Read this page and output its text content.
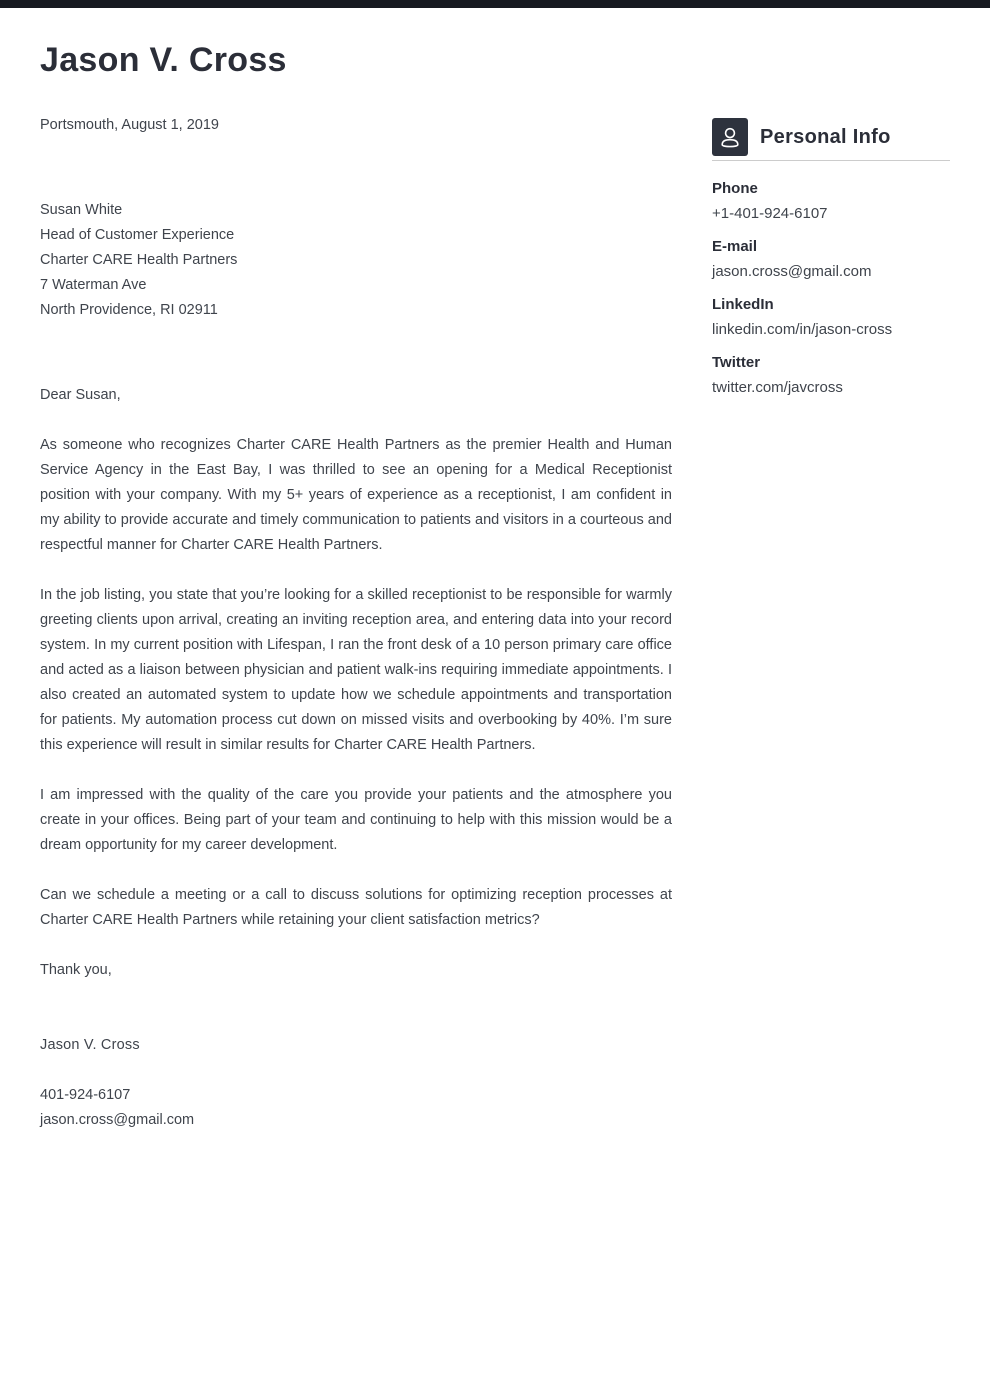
Jason V. Cross
Portsmouth, August 1, 2019
Susan White
Head of Customer Experience
Charter CARE Health Partners
7 Waterman Ave
North Providence, RI 02911
Dear Susan,

As someone who recognizes Charter CARE Health Partners as the premier Health and Human Service Agency in the East Bay, I was thrilled to see an opening for a Medical Receptionist position with your company. With my 5+ years of experience as a receptionist, I am confident in my ability to provide accurate and timely communication to patients and visitors in a courteous and respectful manner for Charter CARE Health Partners.

In the job listing, you state that you’re looking for a skilled receptionist to be responsible for warmly greeting clients upon arrival, creating an inviting reception area, and entering data into your record system. In my current position with Lifespan, I ran the front desk of a 10 person primary care office and acted as a liaison between physician and patient walk-ins requiring immediate appointments. I also created an automated system to update how we schedule appointments and transportation for patients. My automation process cut down on missed visits and overbooking by 40%. I’m sure this experience will result in similar results for Charter CARE Health Partners.

I am impressed with the quality of the care you provide your patients and the atmosphere you create in your offices. Being part of your team and continuing to help with this mission would be a dream opportunity for my career development.

Can we schedule a meeting or a call to discuss solutions for optimizing reception processes at Charter CARE Health Partners while retaining your client satisfaction metrics?

Thank you,
Jason V. Cross
401-924-6107
jason.cross@gmail.com
Personal Info
Phone
+1-401-924-6107
E-mail
jason.cross@gmail.com
LinkedIn
linkedin.com/in/jason-cross
Twitter
twitter.com/javcross
